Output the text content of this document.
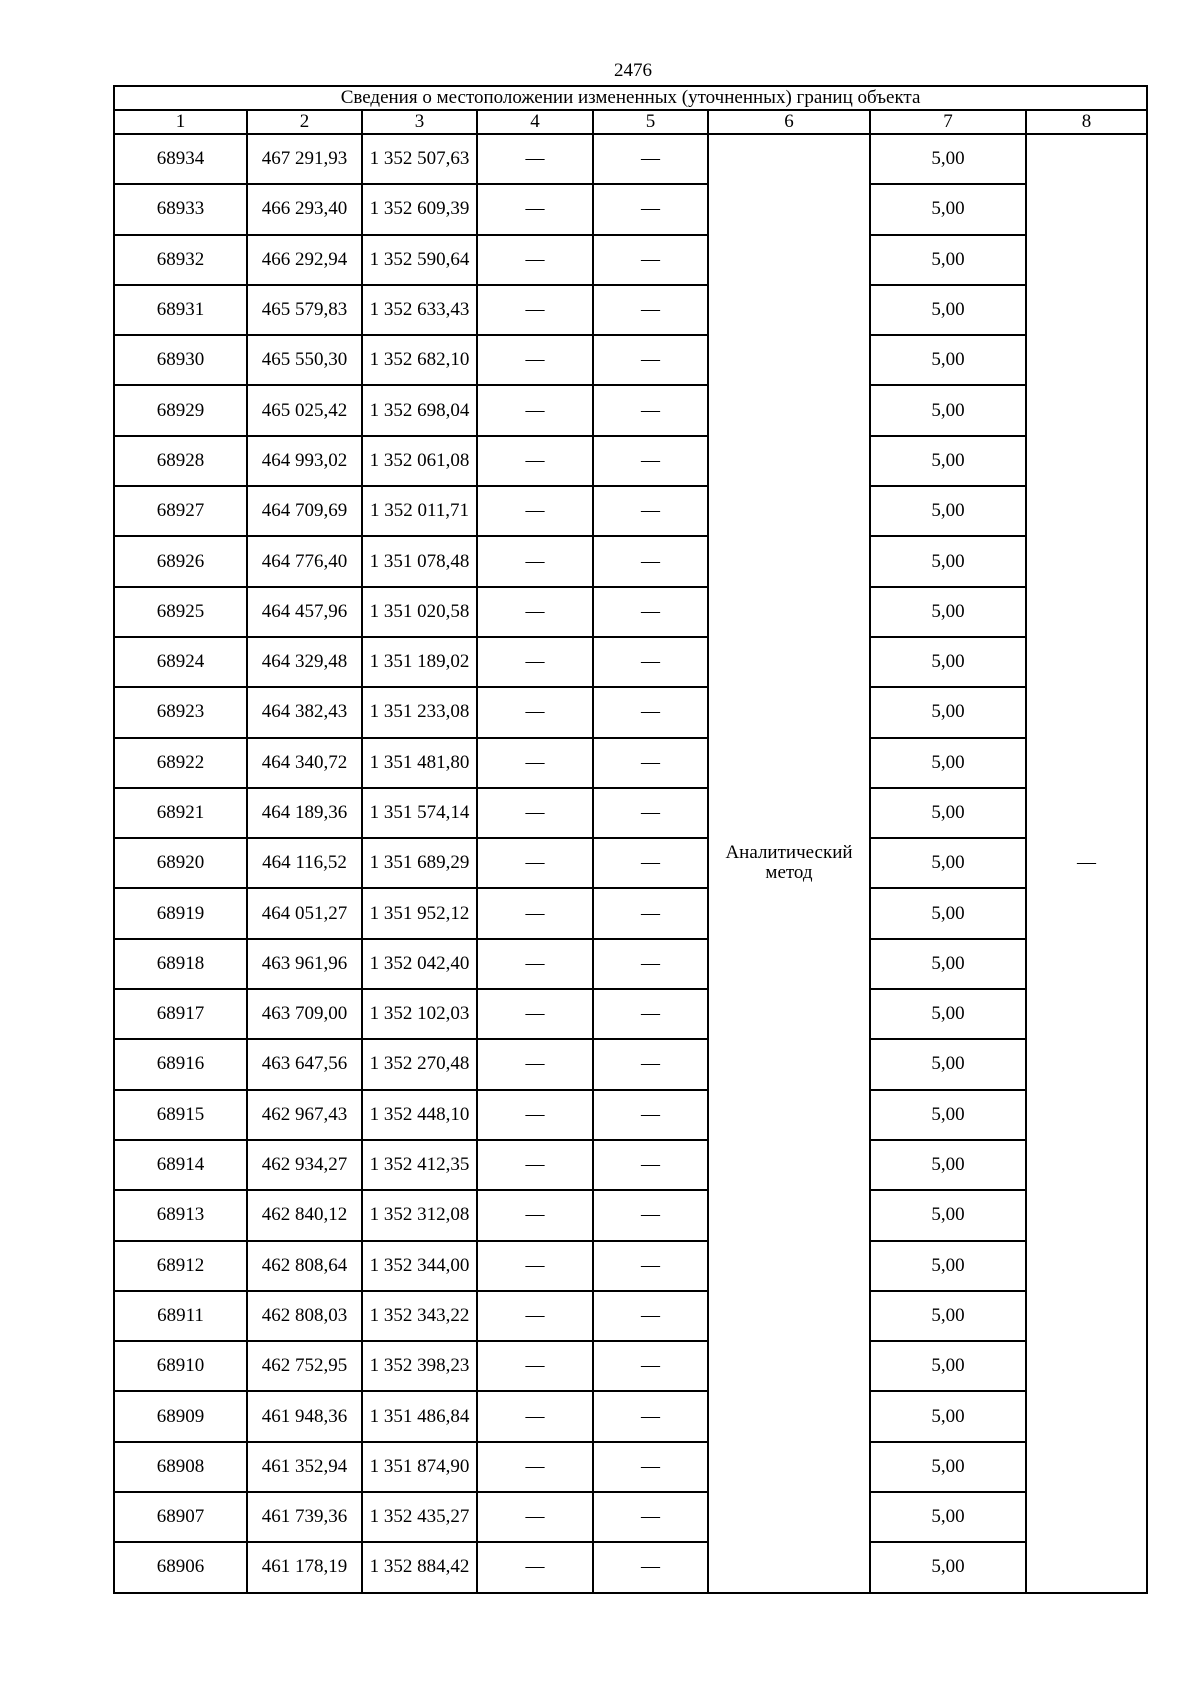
2476
Сведения о местоположении измененных (уточненных) границ объекта							
1	2	3	4	5	6	7	8
68934	467 291,93	1 352 507,63	—	—	Аналитический метод	5,00	—
68933	466 293,40	1 352 609,39	—	—		5,00	
68932	466 292,94	1 352 590,64	—	—		5,00	
68931	465 579,83	1 352 633,43	—	—		5,00	
68930	465 550,30	1 352 682,10	—	—		5,00	
68929	465 025,42	1 352 698,04	—	—		5,00	
68928	464 993,02	1 352 061,08	—	—		5,00	
68927	464 709,69	1 352 011,71	—	—		5,00	
68926	464 776,40	1 351 078,48	—	—		5,00	
68925	464 457,96	1 351 020,58	—	—		5,00	
68924	464 329,48	1 351 189,02	—	—		5,00	
68923	464 382,43	1 351 233,08	—	—		5,00	
68922	464 340,72	1 351 481,80	—	—		5,00	
68921	464 189,36	1 351 574,14	—	—		5,00	
68920	464 116,52	1 351 689,29	—	—		5,00	
68919	464 051,27	1 351 952,12	—	—		5,00	
68918	463 961,96	1 352 042,40	—	—		5,00	
68917	463 709,00	1 352 102,03	—	—		5,00	
68916	463 647,56	1 352 270,48	—	—		5,00	
68915	462 967,43	1 352 448,10	—	—		5,00	
68914	462 934,27	1 352 412,35	—	—		5,00	
68913	462 840,12	1 352 312,08	—	—		5,00	
68912	462 808,64	1 352 344,00	—	—		5,00	
68911	462 808,03	1 352 343,22	—	—		5,00	
68910	462 752,95	1 352 398,23	—	—		5,00	
68909	461 948,36	1 351 486,84	—	—		5,00	
68908	461 352,94	1 351 874,90	—	—		5,00	
68907	461 739,36	1 352 435,27	—	—		5,00	
68906	461 178,19	1 352 884,42	—	—		5,00	
